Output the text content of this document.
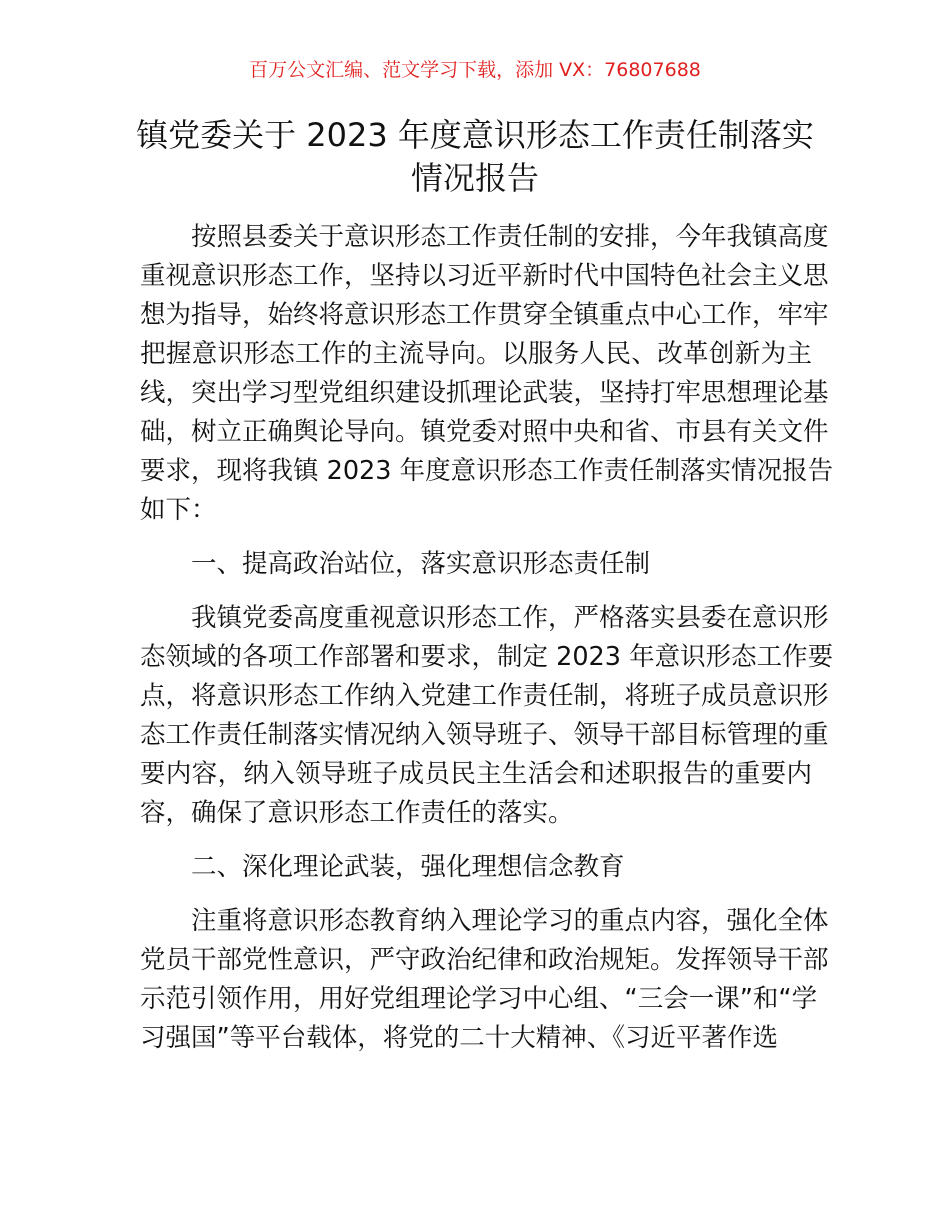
百万公文汇编、范文学习下载，添加 VX：76807688
镇党委关于 2023 年度意识形态工作责任制落实
情况报告
按照县委关于意识形态工作责任制的安排，今年我镇高度
重视意识形态工作，坚持以习近平新时代中国特色社会主义思
想为指导，始终将意识形态工作贯穿全镇重点中心工作，牢牢
把握意识形态工作的主流导向。以服务人民、改革创新为主
线，突出学习型党组织建设抓理论武装，坚持打牢思想理论基
础，树立正确舆论导向。镇党委对照中央和省、市县有关文件
要求，现将我镇 2023 年度意识形态工作责任制落实情况报告
如下：
一、提高政治站位，落实意识形态责任制
我镇党委高度重视意识形态工作，严格落实县委在意识形
态领域的各项工作部署和要求，制定 2023 年意识形态工作要
点，将意识形态工作纳入党建工作责任制，将班子成员意识形
态工作责任制落实情况纳入领导班子、领导干部目标管理的重
要内容，纳入领导班子成员民主生活会和述职报告的重要内
容，确保了意识形态工作责任的落实。
二、深化理论武装，强化理想信念教育
注重将意识形态教育纳入理论学习的重点内容，强化全体
党员干部党性意识，严守政治纪律和政治规矩。发挥领导干部
示范引领作用，用好党组理论学习中心组、“三会一课”和“学
习强国”等平台载体，将党的二十大精神、《习近平著作选
